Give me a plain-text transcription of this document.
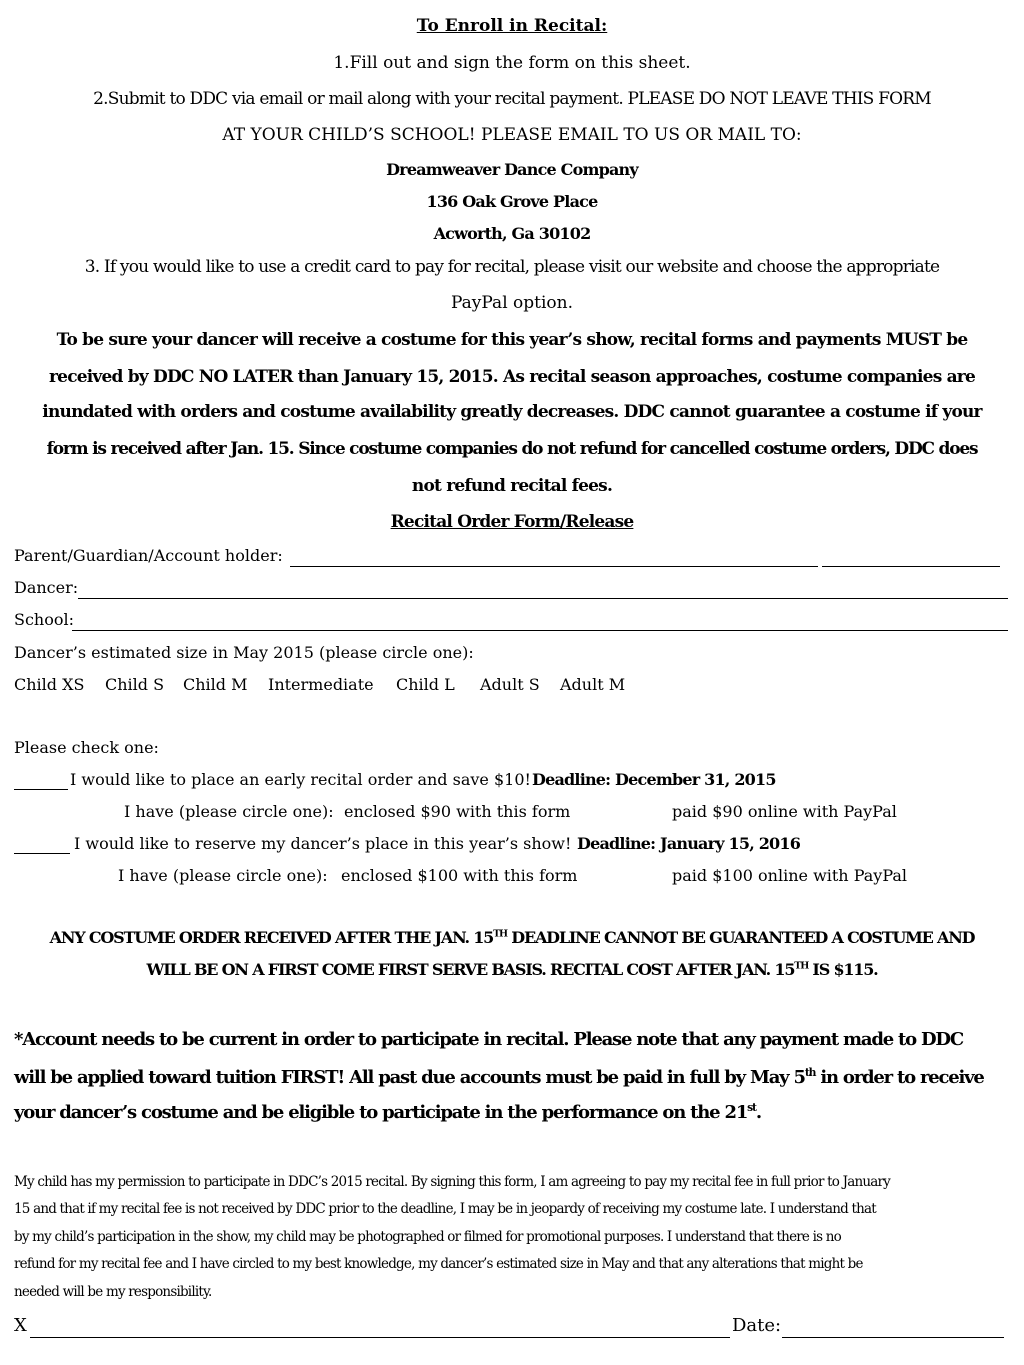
To Enroll in Recital:
1.Fill out and sign the form on this sheet.
2.Submit to DDC via email or mail along with your recital payment. PLEASE DO NOT LEAVE THIS FORM
AT YOUR CHILD’S SCHOOL! PLEASE EMAIL TO US OR MAIL TO:
Dreamweaver Dance Company
136 Oak Grove Place
Acworth, Ga 30102
3. If you would like to use a credit card to pay for recital, please visit our website and choose the appropriate
PayPal option.
To be sure your dancer will receive a costume for this year’s show, recital forms and payments MUST be
received by DDC NO LATER than January 15, 2015. As recital season approaches, costume companies are
inundated with orders and costume availability greatly decreases. DDC cannot guarantee a costume if your
form is received after Jan. 15. Since costume companies do not refund for cancelled costume orders, DDC does
not refund recital fees.
Recital Order Form/Release
Parent/Guardian/Account holder:
Dancer:
School:
Dancer’s estimated size in May 2015 (please circle one):
Child XS Child S Child M Intermediate Child L Adult S Adult M
Please check one:
I would like to place an early recital order and save $10! Deadline: December 31, 2015
I have (please circle one): enclosed $90 with this form	paid $90 online with PayPal
I would like to reserve my dancer’s place in this year’s show! Deadline: January 15, 2016
I have (please circle one): enclosed $100 with this form	paid $100 online with PayPal
ANY COSTUME ORDER RECEIVED AFTER THE JAN. 15TH DEADLINE CANNOT BE GUARANTEED A COSTUME AND
WILL BE ON A FIRST COME FIRST SERVE BASIS. RECITAL COST AFTER JAN. 15TH IS $115.
*Account needs to be current in order to participate in recital. Please note that any payment made to DDC
will be applied toward tuition FIRST! All past due accounts must be paid in full by May 5th in order to receive
your dancer’s costume and be eligible to participate in the performance on the 21st.
My child has my permission to participate in DDC’s 2015 recital. By signing this form, I am agreeing to pay my recital fee in full prior to January
15 and that if my recital fee is not received by DDC prior to the deadline, I may be in jeopardy of receiving my costume late. I understand that
by my child’s participation in the show, my child may be photographed or filmed for promotional purposes. I understand that there is no
refund for my recital fee and I have circled to my best knowledge, my dancer’s estimated size in May and that any alterations that might be
needed will be my responsibility.
X	Date:
